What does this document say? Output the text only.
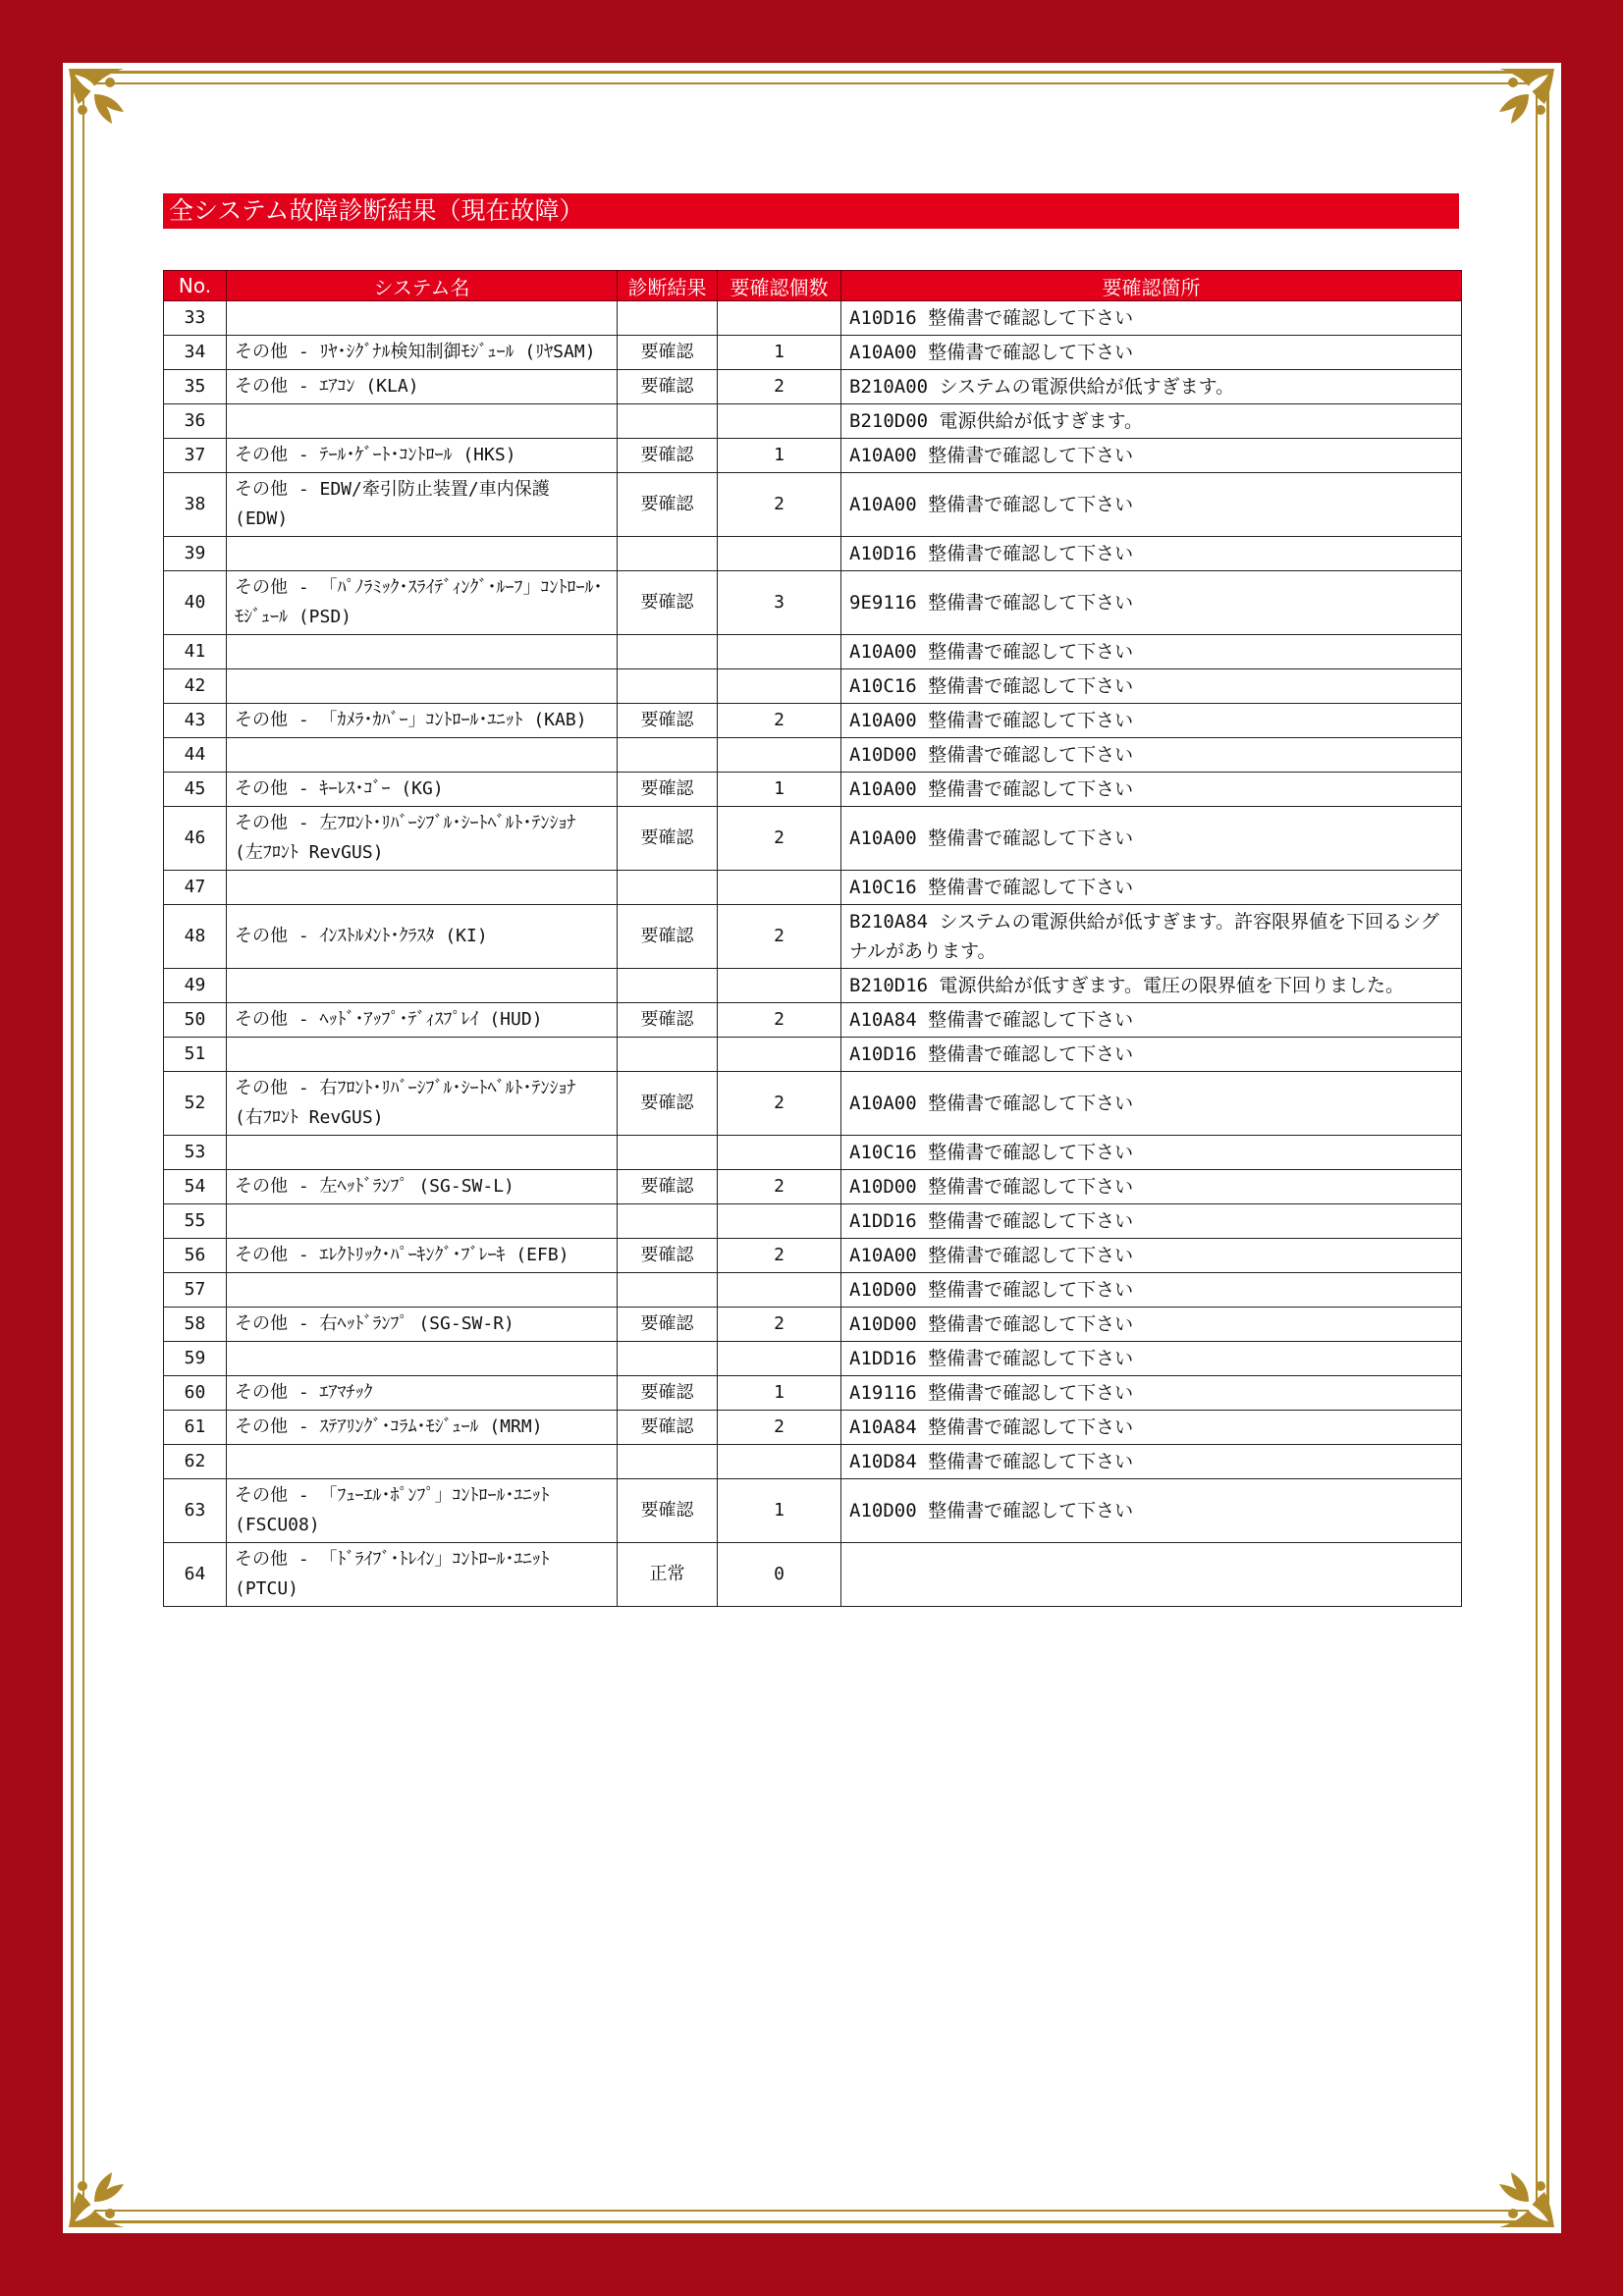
全システム故障診断結果（現在故障）
No.	システム名	診断結果	要確認個数	要確認箇所
33				A10D16 整備書で確認して下さい
34	その他 - ﾘﾔ･ｼｸﾞﾅﾙ検知制御ﾓｼﾞｭｰﾙ (ﾘﾔSAM)	要確認	1	A10A00 整備書で確認して下さい
35	その他 - ｴｱｺﾝ (KLA)	要確認	2	B210A00 システムの電源供給が低すぎます。
36				B210D00 電源供給が低すぎます。
37	その他 - ﾃｰﾙ･ｹﾞｰﾄ･ｺﾝﾄﾛｰﾙ (HKS)	要確認	1	A10A00 整備書で確認して下さい
38	その他 - EDW/牽引防止装置/車内保護 (EDW)	要確認	2	A10A00 整備書で確認して下さい
39				A10D16 整備書で確認して下さい
40	その他 - 「ﾊﾟﾉﾗﾐｯｸ･ｽﾗｲﾃﾞｨﾝｸﾞ･ﾙｰﾌ」ｺﾝﾄﾛｰﾙ･ﾓｼﾞｭｰﾙ (PSD)	要確認	3	9E9116 整備書で確認して下さい
41				A10A00 整備書で確認して下さい
42				A10C16 整備書で確認して下さい
43	その他 - 「ｶﾒﾗ･ｶﾊﾞｰ」ｺﾝﾄﾛｰﾙ･ﾕﾆｯﾄ (KAB)	要確認	2	A10A00 整備書で確認して下さい
44				A10D00 整備書で確認して下さい
45	その他 - ｷｰﾚｽ･ｺﾞｰ (KG)	要確認	1	A10A00 整備書で確認して下さい
46	その他 - 左ﾌﾛﾝﾄ･ﾘﾊﾞｰｼﾌﾞﾙ･ｼｰﾄﾍﾞﾙﾄ･ﾃﾝｼｮﾅ (左ﾌﾛﾝﾄ RevGUS)	要確認	2	A10A00 整備書で確認して下さい
47				A10C16 整備書で確認して下さい
48	その他 - ｲﾝｽﾄﾙﾒﾝﾄ･ｸﾗｽﾀ (KI)	要確認	2	B210A84 システムの電源供給が低すぎます。許容限界値を下回るシグナルがあります。
49				B210D16 電源供給が低すぎます。電圧の限界値を下回りました。
50	その他 - ﾍｯﾄﾞ･ｱｯﾌﾟ･ﾃﾞｨｽﾌﾟﾚｲ (HUD)	要確認	2	A10A84 整備書で確認して下さい
51				A10D16 整備書で確認して下さい
52	その他 - 右ﾌﾛﾝﾄ･ﾘﾊﾞｰｼﾌﾞﾙ･ｼｰﾄﾍﾞﾙﾄ･ﾃﾝｼｮﾅ (右ﾌﾛﾝﾄ RevGUS)	要確認	2	A10A00 整備書で確認して下さい
53				A10C16 整備書で確認して下さい
54	その他 - 左ﾍｯﾄﾞﾗﾝﾌﾟ (SG-SW-L)	要確認	2	A10D00 整備書で確認して下さい
55				A1DD16 整備書で確認して下さい
56	その他 - ｴﾚｸﾄﾘｯｸ･ﾊﾟｰｷﾝｸﾞ･ﾌﾞﾚｰｷ (EFB)	要確認	2	A10A00 整備書で確認して下さい
57				A10D00 整備書で確認して下さい
58	その他 - 右ﾍｯﾄﾞﾗﾝﾌﾟ (SG-SW-R)	要確認	2	A10D00 整備書で確認して下さい
59				A1DD16 整備書で確認して下さい
60	その他 - ｴｱﾏﾁｯｸ	要確認	1	A19116 整備書で確認して下さい
61	その他 - ｽﾃｱﾘﾝｸﾞ･ｺﾗﾑ･ﾓｼﾞｭｰﾙ (MRM)	要確認	2	A10A84 整備書で確認して下さい
62				A10D84 整備書で確認して下さい
63	その他 - 「ﾌｭｰｴﾙ･ﾎﾟﾝﾌﾟ」ｺﾝﾄﾛｰﾙ･ﾕﾆｯﾄ (FSCU08)	要確認	1	A10D00 整備書で確認して下さい
64	その他 - 「ﾄﾞﾗｲﾌﾞ･ﾄﾚｲﾝ」ｺﾝﾄﾛｰﾙ･ﾕﾆｯﾄ (PTCU)	正常	0	
